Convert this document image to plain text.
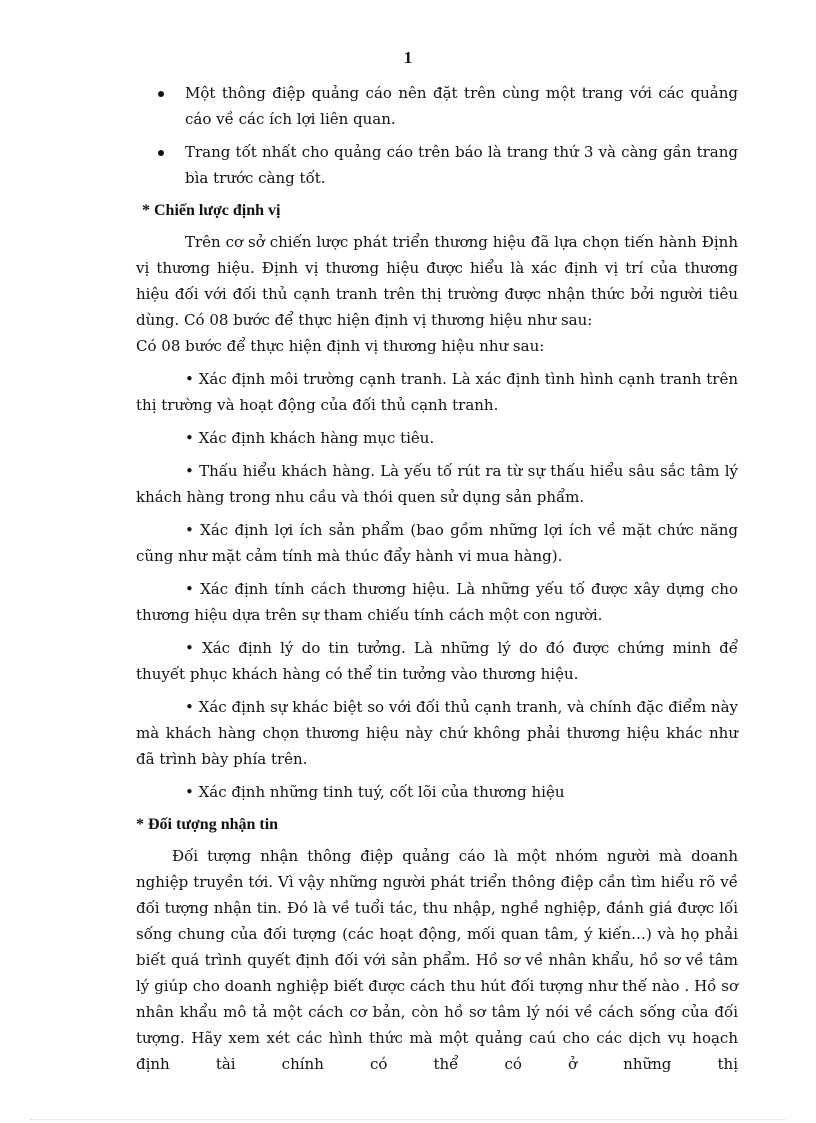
1
Một thông điệp quảng cáo nên đặt trên cùng một trang với các quảng cáo về các ích lợi liên quan.
Trang tốt nhất cho quảng cáo trên báo là trang thứ 3 và càng gần trang bìa trước càng tốt.
* Chiến lược định vị

Trên cơ sở chiến lược phát triển thương hiệu đã lựa chọn tiến hành Định vị thương hiệu. Định vị thương hiệu được hiểu là xác định vị trí của thương hiệu đối với đối thủ cạnh tranh trên thị trường được nhận thức bởi người tiêu dùng. Có 08 bước để thực hiện định vị thương hiệu như sau:

Có 08 bước để thực hiện định vị thương hiệu như sau:

• Xác định môi trường cạnh tranh. Là xác định tình hình cạnh tranh trên thị trường và hoạt động của đối thủ cạnh tranh.

• Xác định khách hàng mục tiêu.

• Thấu hiểu khách hàng. Là yếu tố rút ra từ sự thấu hiểu sâu sắc tâm lý khách hàng trong nhu cầu và thói quen sử dụng sản phẩm.

• Xác định lợi ích sản phẩm (bao gồm những lợi ích về mặt chức năng cũng như mặt cảm tính mà thúc đẩy hành vi mua hàng).

• Xác định tính cách thương hiệu. Là những yếu tố được xây dựng cho thương hiệu dựa trên sự tham chiếu tính cách một con người.

• Xác định lý do tin tưởng. Là những lý do đó được chứng minh để thuyết phục khách hàng có thể tin tưởng vào thương hiệu.

• Xác định sự khác biệt so với đối thủ cạnh tranh, và chính đặc điểm này mà khách hàng chọn thương hiệu này chứ không phải thương hiệu khác như đã trình bày phía trên.

• Xác định những tinh tuý, cốt lõi của thương hiệu

* Đối tượng nhận tin

Đối tượng nhận thông điệp quảng cáo là một nhóm người mà doanh nghiệp truyền tới. Vì vậy những người phát triển thông điệp cần tìm hiểu rõ về đối tượng nhận tin. Đó là về tuổi tác, thu nhập, nghề nghiệp, đánh giá được lối sống chung của đối tượng (các hoạt động, mối quan tâm, ý kiến…) và họ phải biết quá trình quyết định đối với sản phẩm. Hồ sơ về nhân khẩu, hồ sơ về tâm lý giúp cho doanh nghiệp biết được cách thu hút đối tượng như thế nào . Hồ sơ nhân khẩu mô tả một cách cơ bản, còn hồ sơ tâm lý nói về cách sống của đối tượng. Hãy xem xét các hình thức mà một quảng caú cho các dịch vụ hoạch định tài chính có thể có ở những thị
